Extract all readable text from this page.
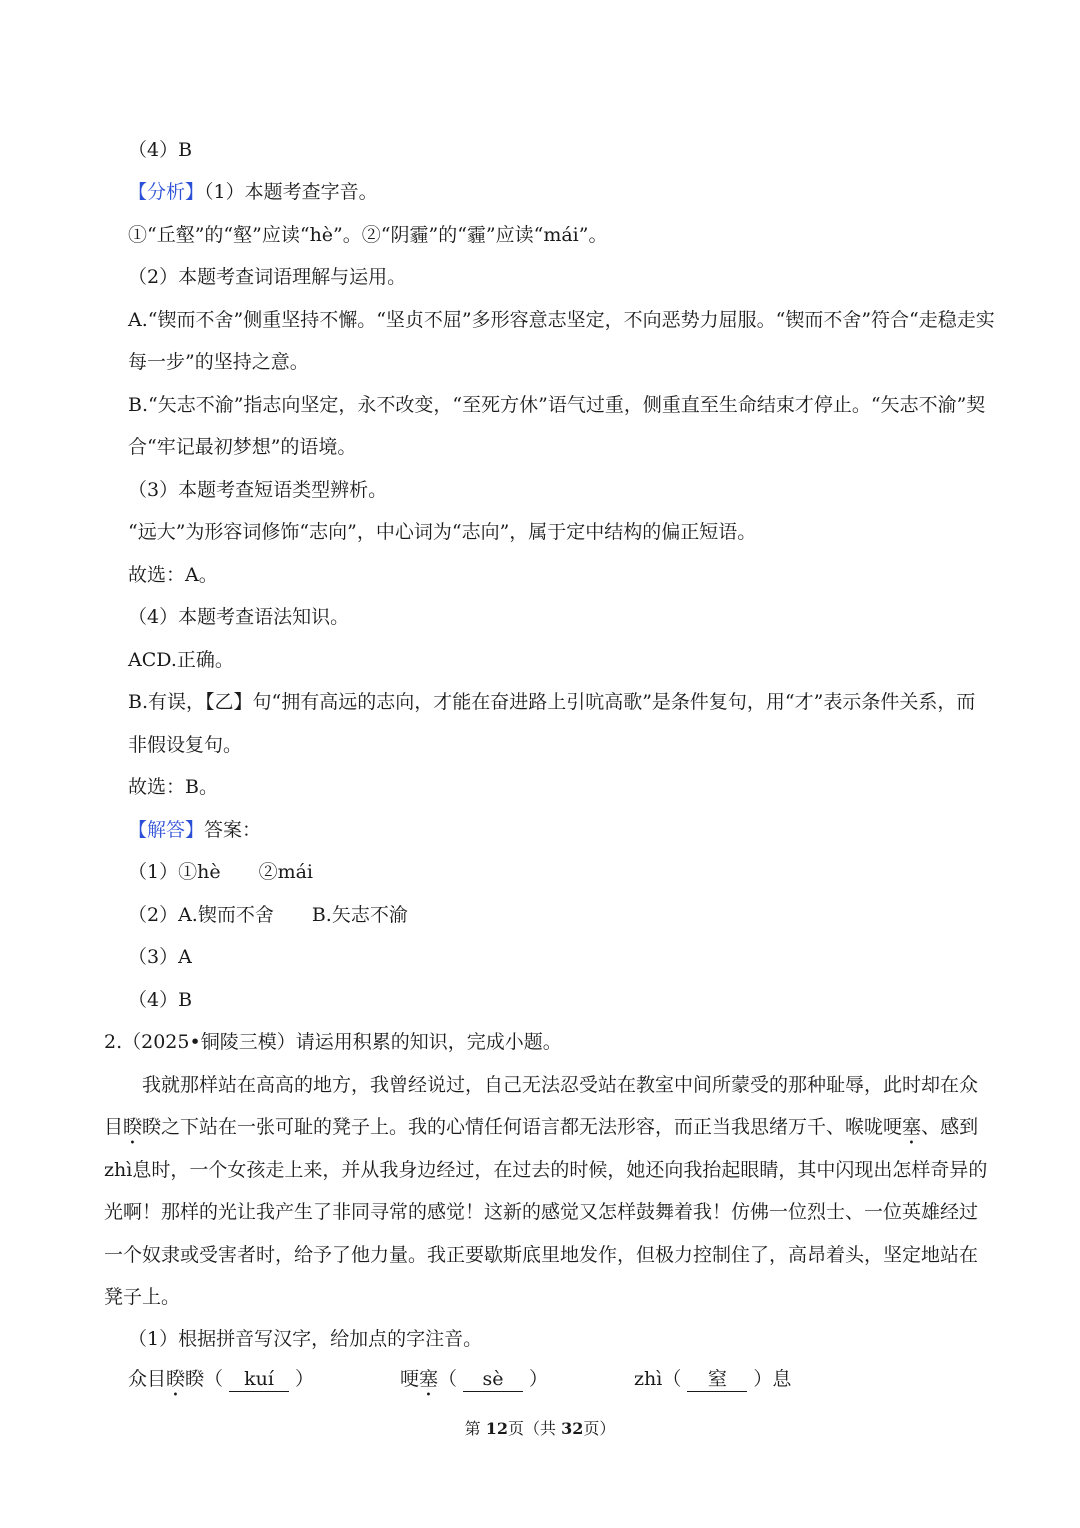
（4）B
【分析】（1）本题考查字音。
①“丘壑”的“壑”应读“hè”。②“阴霾”的“霾”应读“mái”。
（2）本题考查词语理解与运用。
A.“锲而不舍”侧重坚持不懈。“坚贞不屈”多形容意志坚定，不向恶势力屈服。“锲而不舍”符合“走稳走实
每一步”的坚持之意。
B.“矢志不渝”指志向坚定，永不改变，“至死方休”语气过重，侧重直至生命结束才停止。“矢志不渝”契
合“牢记最初梦想”的语境。
（3）本题考查短语类型辨析。
“远大”为形容词修饰“志向”，中心词为“志向”，属于定中结构的偏正短语。
故选：A。
（4）本题考查语法知识。
ACD.正确。
B.有误，【乙】句“拥有高远的志向，才能在奋进路上引吭高歌”是条件复句，用“才”表示条件关系，而
非假设复句。
故选：B。
【解答】答案：
（1）①hè　　②mái
（2）A.锲而不舍　　B.矢志不渝
（3）A
（4）B
2.（2025•铜陵三模）请运用积累的知识，完成小题。
我就那样站在高高的地方，我曾经说过，自己无法忍受站在教室中间所蒙受的那种耻辱，此时却在众
目睽睽之下站在一张可耻的凳子上。我的心情任何语言都无法形容，而正当我思绪万千、喉咙哽塞、感到
zhì息时，一个女孩走上来，并从我身边经过，在过去的时候，她还向我抬起眼睛，其中闪现出怎样奇异的
光啊！那样的光让我产生了非同寻常的感觉！这新的感觉又怎样鼓舞着我！仿佛一位烈士、一位英雄经过
一个奴隶或受害者时，给予了他力量。我正要歇斯底里地发作，但极力控制住了，高昂着头，坚定地站在
凳子上。
（1）根据拼音写汉字，给加点的字注音。
众目睽睽（ kuí ）	哽塞（ sè ）	zhì（ 窒 ）息
第 12页（共 32页）
